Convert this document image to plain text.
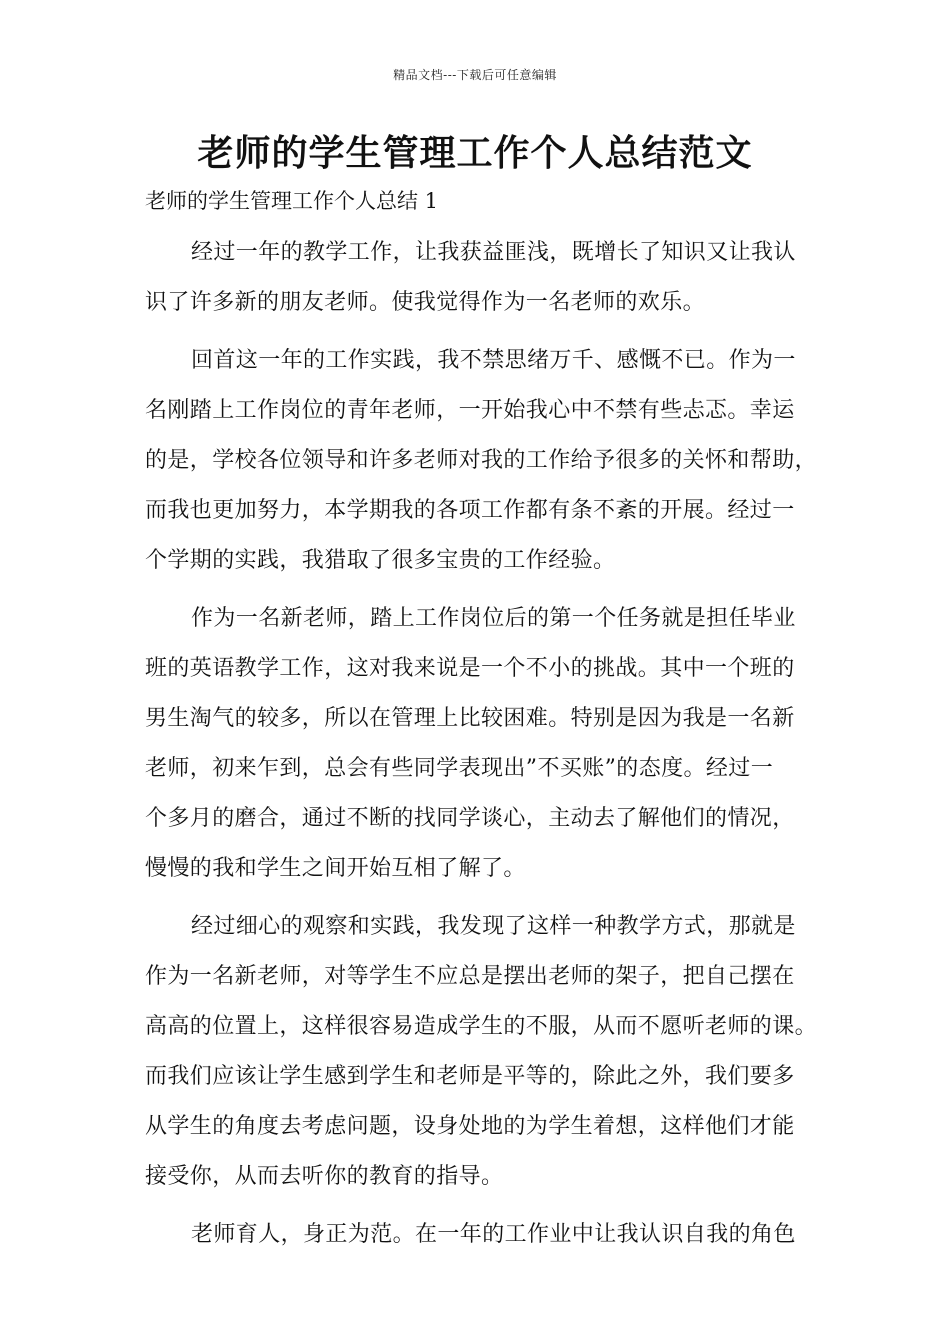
精品文档---下载后可任意编辑
老师的学生管理工作个人总结范文
老师的学生管理工作个人总结 1
经过一年的教学工作，让我获益匪浅，既增长了知识又让我认
识了许多新的朋友老师。使我觉得作为一名老师的欢乐。
回首这一年的工作实践，我不禁思绪万千、感慨不已。作为一
名刚踏上工作岗位的青年老师，一开始我心中不禁有些忐忑。幸运
的是，学校各位领导和许多老师对我的工作给予很多的关怀和帮助，
而我也更加努力，本学期我的各项工作都有条不紊的开展。经过一
个学期的实践，我猎取了很多宝贵的工作经验。
作为一名新老师，踏上工作岗位后的第一个任务就是担任毕业
班的英语教学工作，这对我来说是一个不小的挑战。其中一个班的
男生淘气的较多，所以在管理上比较困难。特别是因为我是一名新
老师，初来乍到，总会有些同学表现出”不买账”的态度。经过一
个多月的磨合，通过不断的找同学谈心，主动去了解他们的情况，
慢慢的我和学生之间开始互相了解了。
经过细心的观察和实践，我发现了这样一种教学方式，那就是
作为一名新老师，对等学生不应总是摆出老师的架子，把自己摆在
高高的位置上，这样很容易造成学生的不服，从而不愿听老师的课。
而我们应该让学生感到学生和老师是平等的，除此之外，我们要多
从学生的角度去考虑问题，设身处地的为学生着想，这样他们才能
接受你，从而去听你的教育的指导。
老师育人，身正为范。在一年的工作业中让我认识自我的角色
